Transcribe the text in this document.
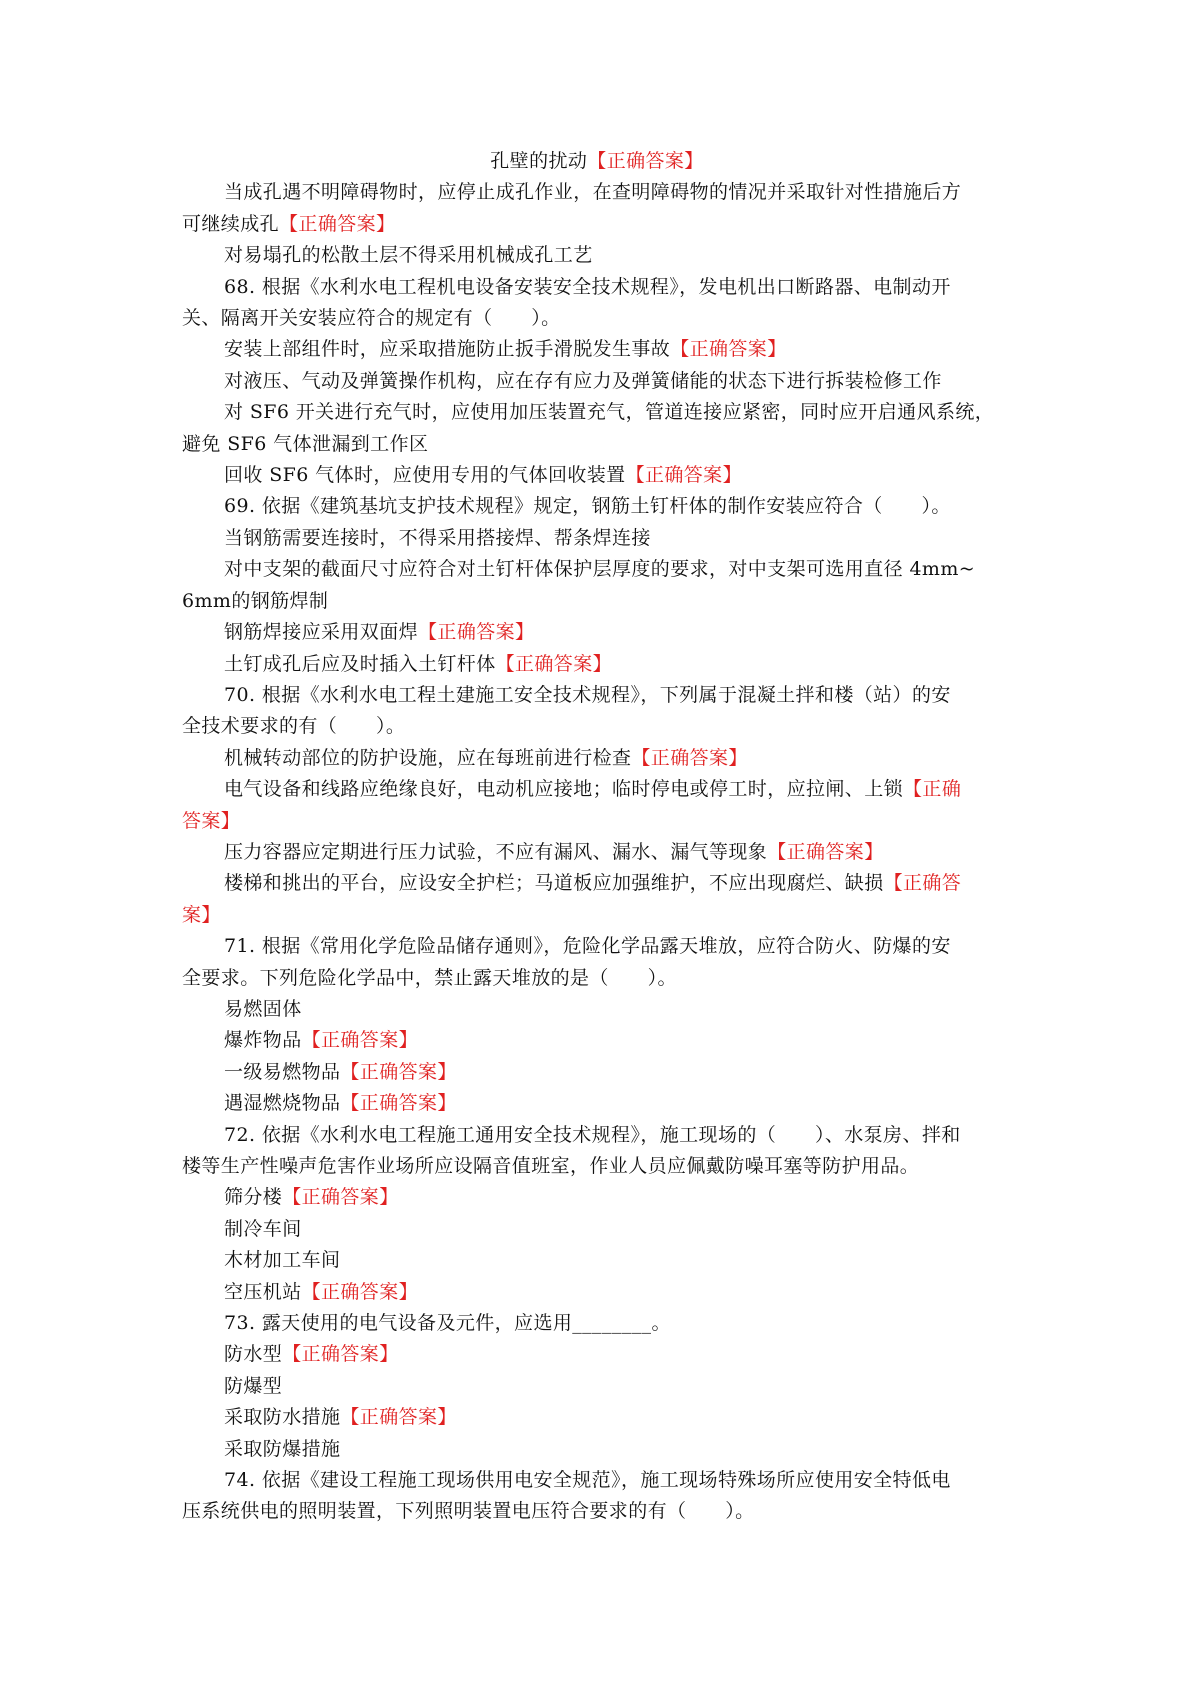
孔壁的扰动【正确答案】
当成孔遇不明障碍物时，应停止成孔作业，在查明障碍物的情况并采取针对性措施后方
可继续成孔【正确答案】
对易塌孔的松散土层不得采用机械成孔工艺
68. 根据《水利水电工程机电设备安装安全技术规程》，发电机出口断路器、电制动开
关、隔离开关安装应符合的规定有（　　）。
安装上部组件时，应采取措施防止扳手滑脱发生事故【正确答案】
对液压、气动及弹簧操作机构，应在存有应力及弹簧储能的状态下进行拆装检修工作
对 SF6 开关进行充气时，应使用加压装置充气，管道连接应紧密，同时应开启通风系统，
避免 SF6 气体泄漏到工作区
回收 SF6 气体时，应使用专用的气体回收装置【正确答案】
69. 依据《建筑基坑支护技术规程》规定，钢筋土钉杆体的制作安装应符合（　　）。
当钢筋需要连接时，不得采用搭接焊、帮条焊连接
对中支架的截面尺寸应符合对土钉杆体保护层厚度的要求，对中支架可选用直径 4mm~
6mm的钢筋焊制
钢筋焊接应采用双面焊【正确答案】
土钉成孔后应及时插入土钉杆体【正确答案】
70. 根据《水利水电工程土建施工安全技术规程》，下列属于混凝土拌和楼（站）的安
全技术要求的有（　　）。
机械转动部位的防护设施，应在每班前进行检查【正确答案】
电气设备和线路应绝缘良好，电动机应接地；临时停电或停工时，应拉闸、上锁【正确
答案】
压力容器应定期进行压力试验，不应有漏风、漏水、漏气等现象【正确答案】
楼梯和挑出的平台，应设安全护栏；马道板应加强维护，不应出现腐烂、缺损【正确答
案】
71. 根据《常用化学危险品储存通则》，危险化学品露天堆放，应符合防火、防爆的安
全要求。下列危险化学品中，禁止露天堆放的是（　　）。
易燃固体
爆炸物品【正确答案】
一级易燃物品【正确答案】
遇湿燃烧物品【正确答案】
72. 依据《水利水电工程施工通用安全技术规程》，施工现场的（　　）、水泵房、拌和
楼等生产性噪声危害作业场所应设隔音值班室，作业人员应佩戴防噪耳塞等防护用品。
筛分楼【正确答案】
制冷车间
木材加工车间
空压机站【正确答案】
73. 露天使用的电气设备及元件，应选用________。
防水型【正确答案】
防爆型
采取防水措施【正确答案】
采取防爆措施
74. 依据《建设工程施工现场供用电安全规范》，施工现场特殊场所应使用安全特低电
压系统供电的照明装置，下列照明装置电压符合要求的有（　　）。
